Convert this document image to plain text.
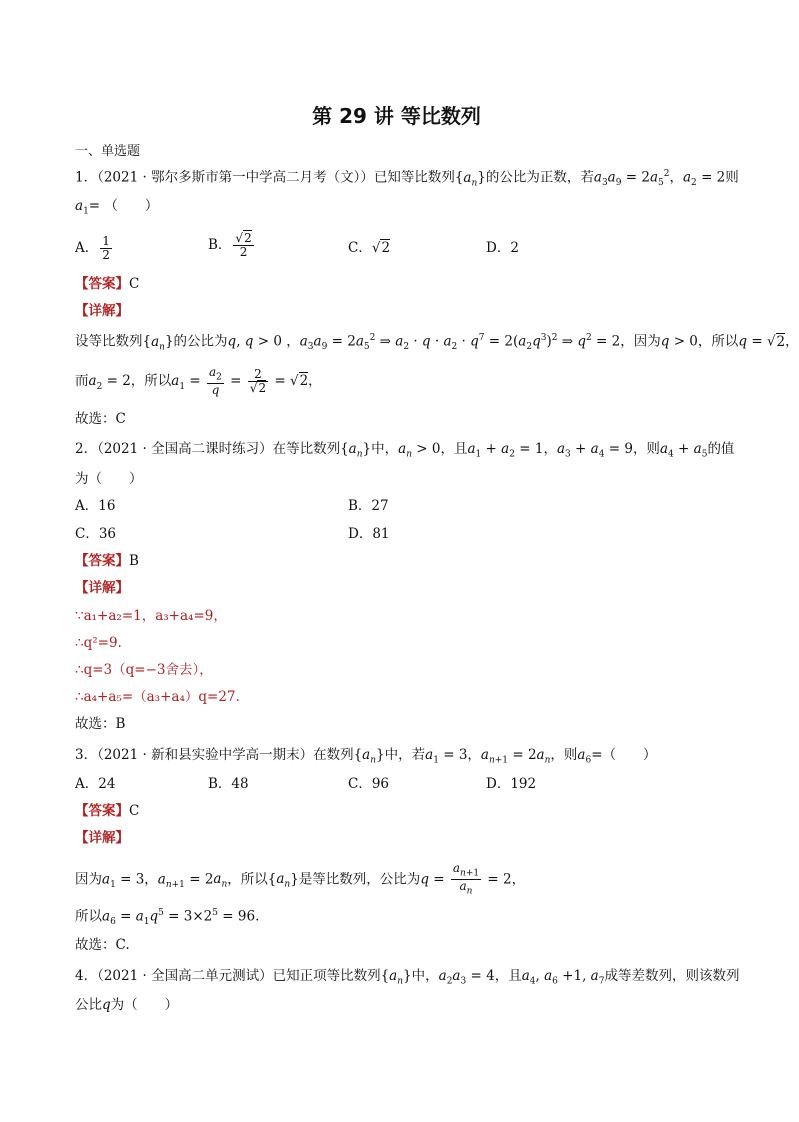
第 29 讲 等比数列
一、单选题
1．（2021 · 鄂尔多斯市第一中学高二月考（文））已知等比数列$\{a_n\}$的公比为正数，若$a_3a_9 = 2a_5^2$，$a_2 = 2$则
$a_1=$ （　　）
A． $\frac{1}{2}$	B． $\frac{√2}{2}$	C．√2	D．2
【答案】C
【详解】
设等比数列$\{a_n\}$的公比为q, q > 0 ，$a_3a_9 = 2a_5^2$ ⇒ $a_2 \cdot q \cdot a_2 \cdot q^7 = 2(a_2q^3)^2$ ⇒ $q^2 = 2$，因为q > 0，所以q = √2，
而$a_2 = 2$，所以$a_1 = \frac{a_2}{q} = \frac{2}{√2} = √2$，
故选：C
2．（2021 · 全国高二课时练习）在等比数列$\{a_n\}$中，$a_n > 0$，且$a_1 + a_2 = 1$，$a_3 + a_4 = 9$，则$a_4 + a_5$的值
为（　　）
A．16	B．27
C．36	D．81
【答案】B
【详解】
∵a₁+a₂=1，a₃+a₄=9，
∴q²=9.
∴q=3（q=−3舍去），
∴a₄+a₅=（a₃+a₄）q=27.
故选：B
3．（2021 · 新和县实验中学高一期末）在数列$\{a_n\}$中，若$a_1 = 3$，$a_{n+1} = 2a_n$，则$a_6=$（　　）
A．24	B．48	C．96	D．192
【答案】C
【详解】
因为$a_1 = 3$，$a_{n+1} = 2a_n$，所以$\{a_n\}$是等比数列，公比为$q = \frac{a_{n+1}}{a_n} = 2$，
所以$a_6 = a_1q^5 = 3\times 2^5 = 96$.
故选：C.
4．（2021 · 全国高二单元测试）已知正项等比数列$\{a_n\}$中，$a_2a_3 = 4$，且$a_4$, $a_6 +1$, $a_7$成等差数列，则该数列
公比q为（　　）
